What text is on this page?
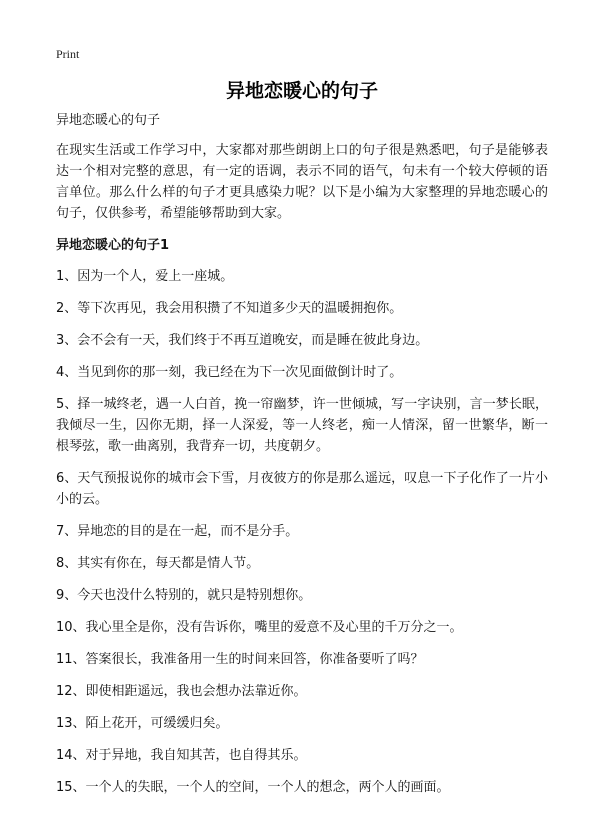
Print
异地恋暖心的句子
异地恋暖心的句子
在现实生活或工作学习中，大家都对那些朗朗上口的句子很是熟悉吧，句子是能够表达一个相对完整的意思，有一定的语调，表示不同的语气，句未有一个较大停顿的语言单位。那么什么样的句子才更具感染力呢？以下是小编为大家整理的异地恋暖心的句子，仅供参考，希望能够帮助到大家。
异地恋暖心的句子1
1、因为一个人，爱上一座城。
2、等下次再见，我会用积攒了不知道多少天的温暖拥抱你。
3、会不会有一天，我们终于不再互道晚安，而是睡在彼此身边。
4、当见到你的那一刻，我已经在为下一次见面做倒计时了。
5、择一城终老，遇一人白首，挽一帘幽梦，许一世倾城，写一字诀别，言一梦长眠，我倾尽一生，囚你无期，择一人深爱，等一人终老，痴一人情深，留一世繁华，断一根琴弦，歌一曲离别，我背弃一切，共度朝夕。
6、天气预报说你的城市会下雪，月夜彼方的你是那么遥远，叹息一下子化作了一片小小的云。
7、异地恋的目的是在一起，而不是分手。
8、其实有你在，每天都是情人节。
9、今天也没什么特别的，就只是特别想你。
10、我心里全是你，没有告诉你，嘴里的爱意不及心里的千万分之一。
11、答案很长，我准备用一生的时间来回答，你准备要听了吗？
12、即使相距遥远，我也会想办法靠近你。
13、陌上花开，可缓缓归矣。
14、对于异地，我自知其苦，也自得其乐。
15、一个人的失眠，一个人的空间，一个人的想念，两个人的画面。
